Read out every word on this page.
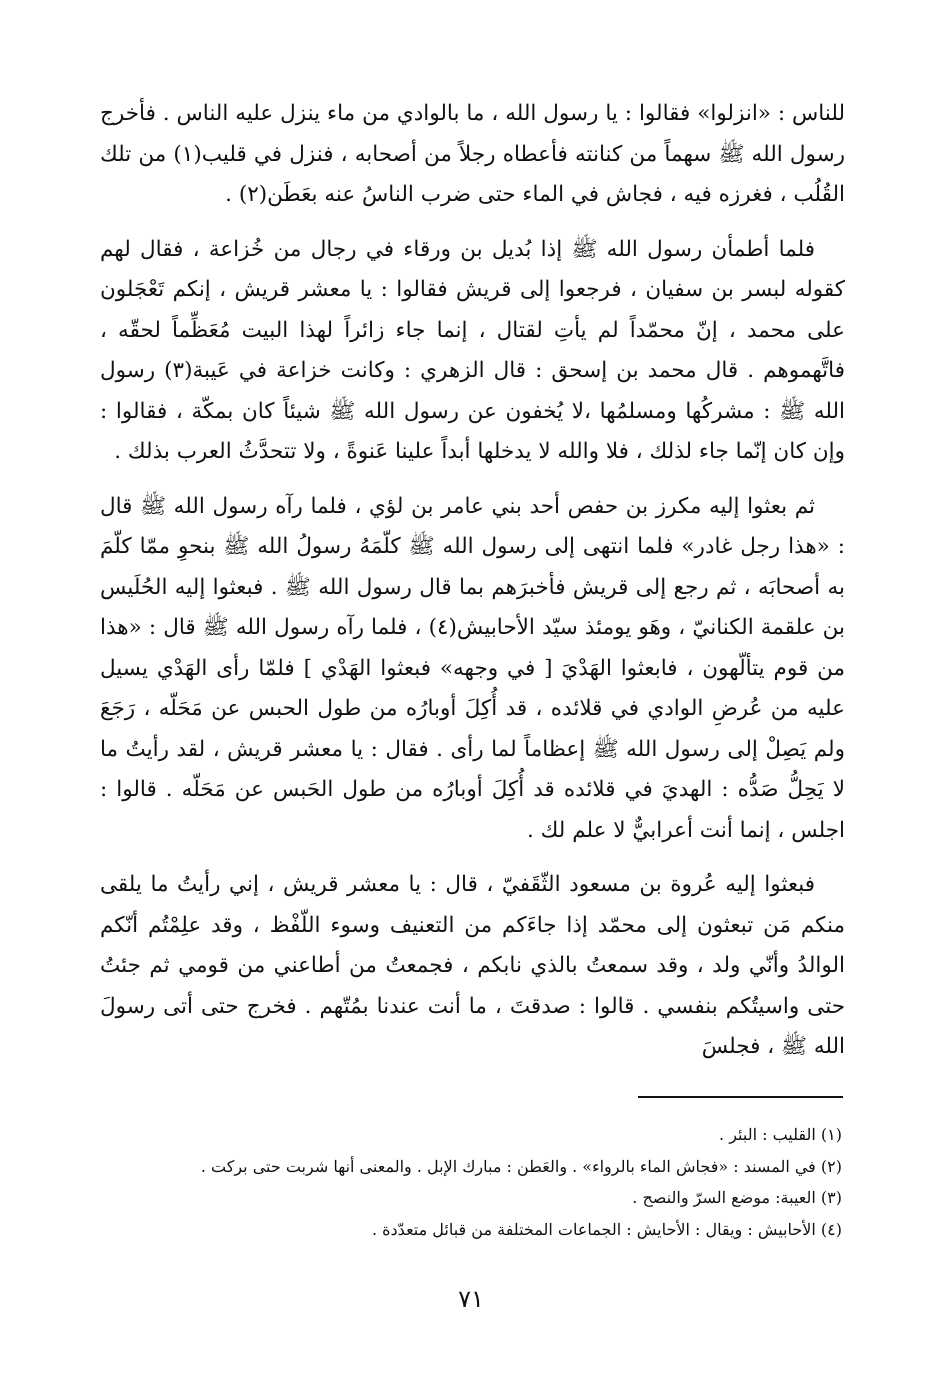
للناس : «انزلوا» فقالوا : يا رسول الله ، ما بالوادي من ماء ينزل عليه الناس . فأخرج رسول الله ﷺ سهماً من كنانته فأعطاه رجلاً من أصحابه ، فنزل في قليب(١) من تلك القُلُب ، فغرزه فيه ، فجاش في الماء حتى ضرب الناسُ عنه بعَطَن(٢) .

فلما أطمأن رسول الله ﷺ إذا بُديل بن ورقاء في رجال من خُزاعة ، فقال لهم كقوله لبسر بن سفيان ، فرجعوا إلى قريش فقالوا : يا معشر قريش ، إنكم تَعْجَلون على محمد ، إنّ محمّداً لم يأتِ لقتال ، إنما جاء زائراً لهذا البيت مُعَظِّماً لحقّه ، فاتَّهموهم . قال محمد بن إسحق : قال الزهري : وكانت خزاعة في عَيبة(٣) رسول الله ﷺ : مشركُها ومسلمُها ،لا يُخفون عن رسول الله ﷺ شيئاً كان بمكّة ، فقالوا : وإن كان إنّما جاء لذلك ، فلا والله لا يدخلها أبداً علينا عَنوةً ، ولا تتحدَّثُ العرب بذلك .

ثم بعثوا إليه مكرز بن حفص أحد بني عامر بن لؤي ، فلما رآه رسول الله ﷺ قال : «هذا رجل غادر» فلما انتهى إلى رسول الله ﷺ كلّمَهُ رسولُ الله ﷺ بنحوِ ممّا كلّمَ به أصحابَه ، ثم رجع إلى قريش فأخبرَهم بما قال رسول الله ﷺ . فبعثوا إليه الحُلَيس بن علقمة الكنانيّ ، وهَو يومئذ سيّد الأحابيش(٤) ، فلما رآه رسول الله ﷺ قال : «هذا من قوم يتألّهون ، فابعثوا الهَدْيَ [ في وجهه» فبعثوا الهَدْي ] فلمّا رأى الهَدْي يسيل عليه من عُرضِ الوادي في قلائده ، قد أُكِلَ أوبارُه من طول الحبس عن مَحَلّه ، رَجَعَ ولم يَصِلْ إلى رسول الله ﷺ إعظاماً لما رأى . فقال : يا معشر قريش ، لقد رأيتُ ما لا يَحِلُّ صَدُّه : الهديَ في قلائده قد أُكِلَ أوبارُه من طول الحَبس عن مَحَلّه . قالوا : اجلس ، إنما أنت أعرابيٌّ لا علم لك .

فبعثوا إليه عُروة بن مسعود الثّقَفيّ ، قال : يا معشر قريش ، إني رأيتُ ما يلقى منكم مَن تبعثون إلى محمّد إذا جاءَكم من التعنيف وسوء اللّفْظ ، وقد علِمْتُم أنّكم الوالدُ وأنّي ولد ، وقد سمعتُ بالذي نابكم ، فجمعتُ من أطاعني من قومي ثم جئتُ حتى واسيتُكم بنفسي . قالوا : صدقتَ ، ما أنت عندنا بمُتّهم . فخرج حتى أتى رسولَ الله ﷺ ، فجلسَ

(١) القليب : البئر .

(٢) في المسند : «فجاش الماء بالرواء» . والعَطن : مبارك الإبل . والمعنى أنها شربت حتى بركت .

(٣) العيبة: موضع السرّ والنصح .

(٤) الأحابيش : ويقال : الأحايش : الجماعات المختلفة من قبائل متعدّدة .

٧١
